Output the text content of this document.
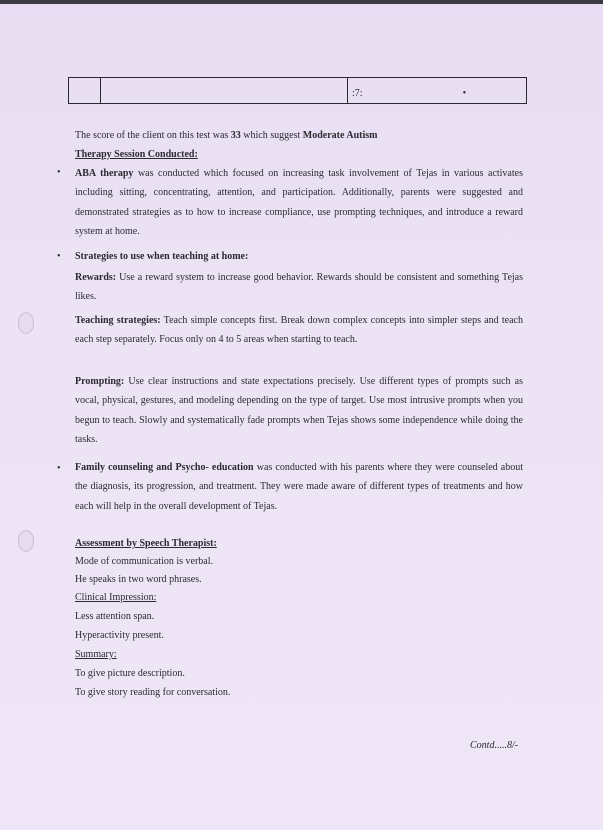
:7:	•
The score of the client on this test was 33 which suggest Moderate Autism
Therapy Session Conducted:
• ABA therapy was conducted which focused on increasing task involvement of Tejas in various activates including sitting, concentrating, attention, and participation. Additionally, parents were suggested and demonstrated strategies as to how to increase compliance, use prompting techniques, and introduce a reward system at home.
• Strategies to use when teaching at home:
Rewards: Use a reward system to increase good behavior. Rewards should be consistent and something Tejas likes.
Teaching strategies: Teach simple concepts first. Break down complex concepts into simpler steps and teach each step separately. Focus only on 4 to 5 areas when starting to teach.
Prompting: Use clear instructions and state expectations precisely. Use different types of prompts such as vocal, physical, gestures, and modeling depending on the type of target. Use most intrusive prompts when you begun to teach. Slowly and systematically fade prompts when Tejas shows some independence while doing the tasks.
• Family counseling and Psycho- education was conducted with his parents where they were counseled about the diagnosis, its progression, and treatment. They were made aware of different types of treatments and how each will help in the overall development of Tejas.
Assessment by Speech Therapist:
Mode of communication is verbal.
He speaks in two word phrases.
Clinical Impression:
Less attention span.
Hyperactivity present.
Summary:
To give picture description.
To give story reading for conversation.
Contd.....8/-
